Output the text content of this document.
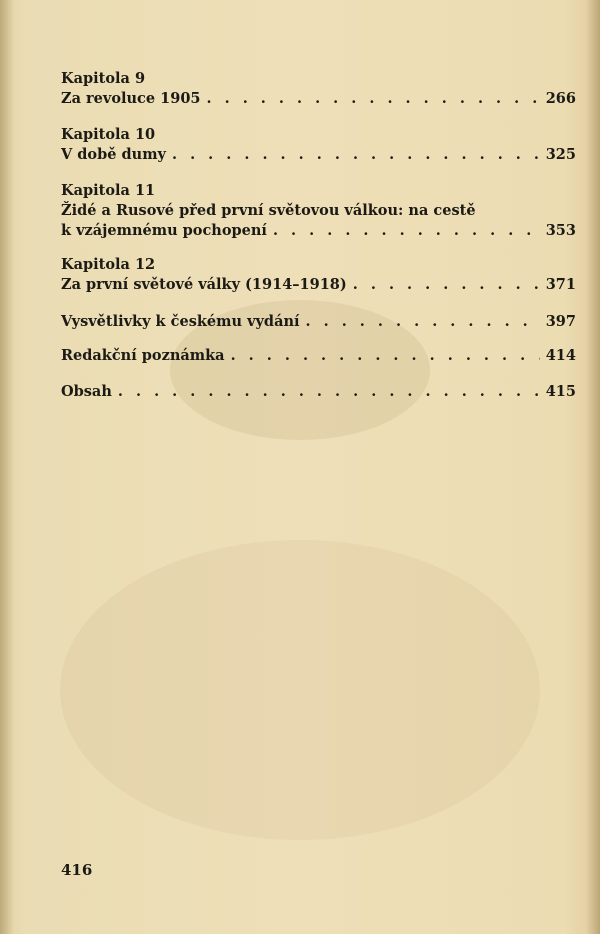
Kapitola 9
Za revoluce 1905 . . .	266
Kapitola 10
V době dumy . . .	325
Kapitola 11
Židé a Rusové před první světovou válkou: na cestě
k vzájemnému pochopení . . .	353
Kapitola 12
Za první světové války (1914–1918) . . .	371
Vysvětlivky k českému vydání . . .	397
Redakční poznámka . . .	414
Obsah . . .	415
416
